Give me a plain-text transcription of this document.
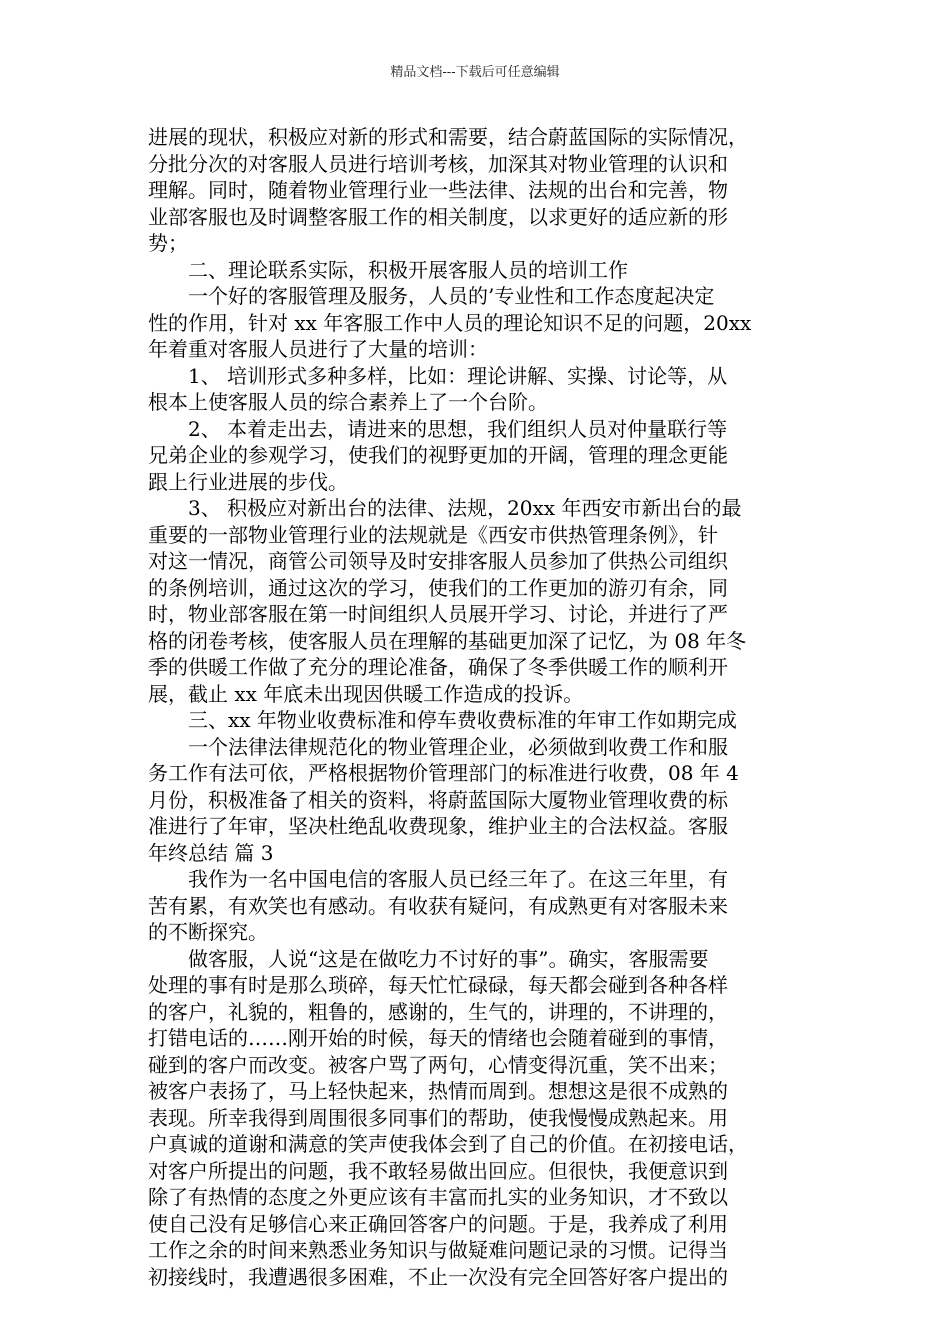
精品文档---下载后可任意编辑
进展的现状，积极应对新的形式和需要，结合蔚蓝国际的实际情况，
分批分次的对客服人员进行培训考核，加深其对物业管理的认识和
理解。同时，随着物业管理行业一些法律、法规的出台和完善，物
业部客服也及时调整客服工作的相关制度，以求更好的适应新的形
势；
二、理论联系实际，积极开展客服人员的培训工作
一个好的客服管理及服务，人员的’专业性和工作态度起决定
性的作用，针对 xx 年客服工作中人员的理论知识不足的问题，20xx
年着重对客服人员进行了大量的培训：
1、 培训形式多种多样，比如：理论讲解、实操、讨论等，从
根本上使客服人员的综合素养上了一个台阶。
2、 本着走出去，请进来的思想，我们组织人员对仲量联行等
兄弟企业的参观学习，使我们的视野更加的开阔，管理的理念更能
跟上行业进展的步伐。
3、 积极应对新出台的法律、法规，20xx 年西安市新出台的最
重要的一部物业管理行业的法规就是《西安市供热管理条例》，针
对这一情况，商管公司领导及时安排客服人员参加了供热公司组织
的条例培训，通过这次的学习，使我们的工作更加的游刃有余，同
时，物业部客服在第一时间组织人员展开学习、讨论，并进行了严
格的闭卷考核，使客服人员在理解的基础更加深了记忆，为 08 年冬
季的供暖工作做了充分的理论准备，确保了冬季供暖工作的顺利开
展，截止 xx 年底未出现因供暖工作造成的投诉。
三、xx 年物业收费标准和停车费收费标准的年审工作如期完成
一个法律法律规范化的物业管理企业，必须做到收费工作和服
务工作有法可依，严格根据物价管理部门的标准进行收费，08 年 4
月份，积极准备了相关的资料，将蔚蓝国际大厦物业管理收费的标
准进行了年审，坚决杜绝乱收费现象，维护业主的合法权益。客服
年终总结 篇 3
我作为一名中国电信的客服人员已经三年了。在这三年里，有
苦有累，有欢笑也有感动。有收获有疑问，有成熟更有对客服未来
的不断探究。
做客服，人说“这是在做吃力不讨好的事”。确实，客服需要
处理的事有时是那么琐碎，每天忙忙碌碌，每天都会碰到各种各样
的客户，礼貌的，粗鲁的，感谢的，生气的，讲理的，不讲理的，
打错电话的……刚开始的时候，每天的情绪也会随着碰到的事情，
碰到的客户而改变。被客户骂了两句，心情变得沉重，笑不出来；
被客户表扬了，马上轻快起来，热情而周到。想想这是很不成熟的
表现。所幸我得到周围很多同事们的帮助，使我慢慢成熟起来。用
户真诚的道谢和满意的笑声使我体会到了自己的价值。在初接电话，
对客户所提出的问题，我不敢轻易做出回应。但很快，我便意识到
除了有热情的态度之外更应该有丰富而扎实的业务知识，才不致以
使自己没有足够信心来正确回答客户的问题。于是，我养成了利用
工作之余的时间来熟悉业务知识与做疑难问题记录的习惯。记得当
初接线时，我遭遇很多困难，不止一次没有完全回答好客户提出的
